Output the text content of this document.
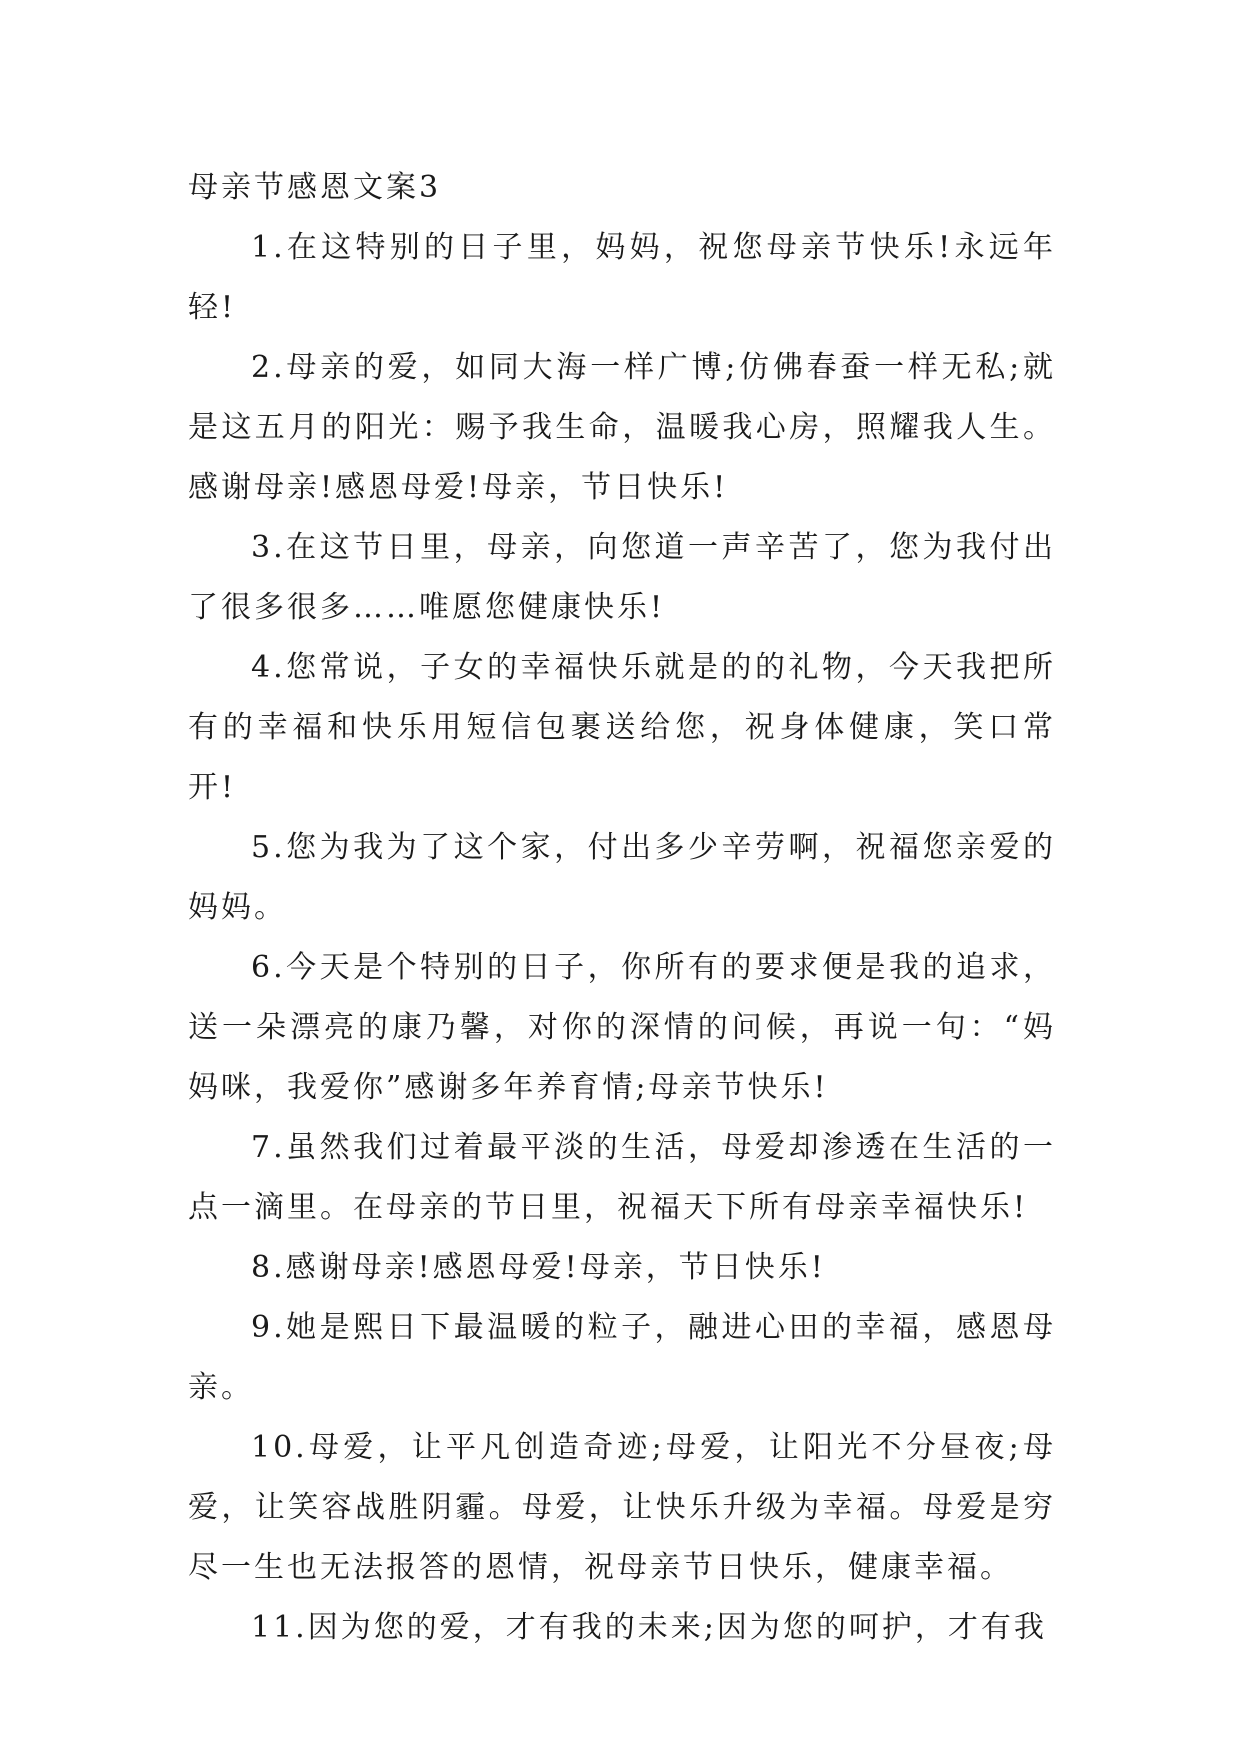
母亲节感恩文案3

1.在这特别的日子里，妈妈，祝您母亲节快乐!永远年轻!

2.母亲的爱，如同大海一样广博;仿佛春蚕一样无私;就是这五月的阳光：赐予我生命，温暖我心房，照耀我人生。感谢母亲!感恩母爱!母亲，节日快乐!

3.在这节日里，母亲，向您道一声辛苦了，您为我付出了很多很多……唯愿您健康快乐!

4.您常说，子女的幸福快乐就是的的礼物，今天我把所有的幸福和快乐用短信包裹送给您，祝身体健康，笑口常开!

5.您为我为了这个家，付出多少辛劳啊，祝福您亲爱的妈妈。

6.今天是个特别的日子，你所有的要求便是我的追求，送一朵漂亮的康乃馨，对你的深情的问候，再说一句：“妈妈咪，我爱你”感谢多年养育情;母亲节快乐!

7.虽然我们过着最平淡的生活，母爱却渗透在生活的一点一滴里。在母亲的节日里，祝福天下所有母亲幸福快乐!

8.感谢母亲!感恩母爱!母亲，节日快乐!

9.她是熙日下最温暖的粒子，融进心田的幸福，感恩母亲。

10.母爱，让平凡创造奇迹;母爱，让阳光不分昼夜;母爱，让笑容战胜阴霾。母爱，让快乐升级为幸福。母爱是穷尽一生也无法报答的恩情，祝母亲节日快乐，健康幸福。

11.因为您的爱，才有我的未来;因为您的呵护，才有我
